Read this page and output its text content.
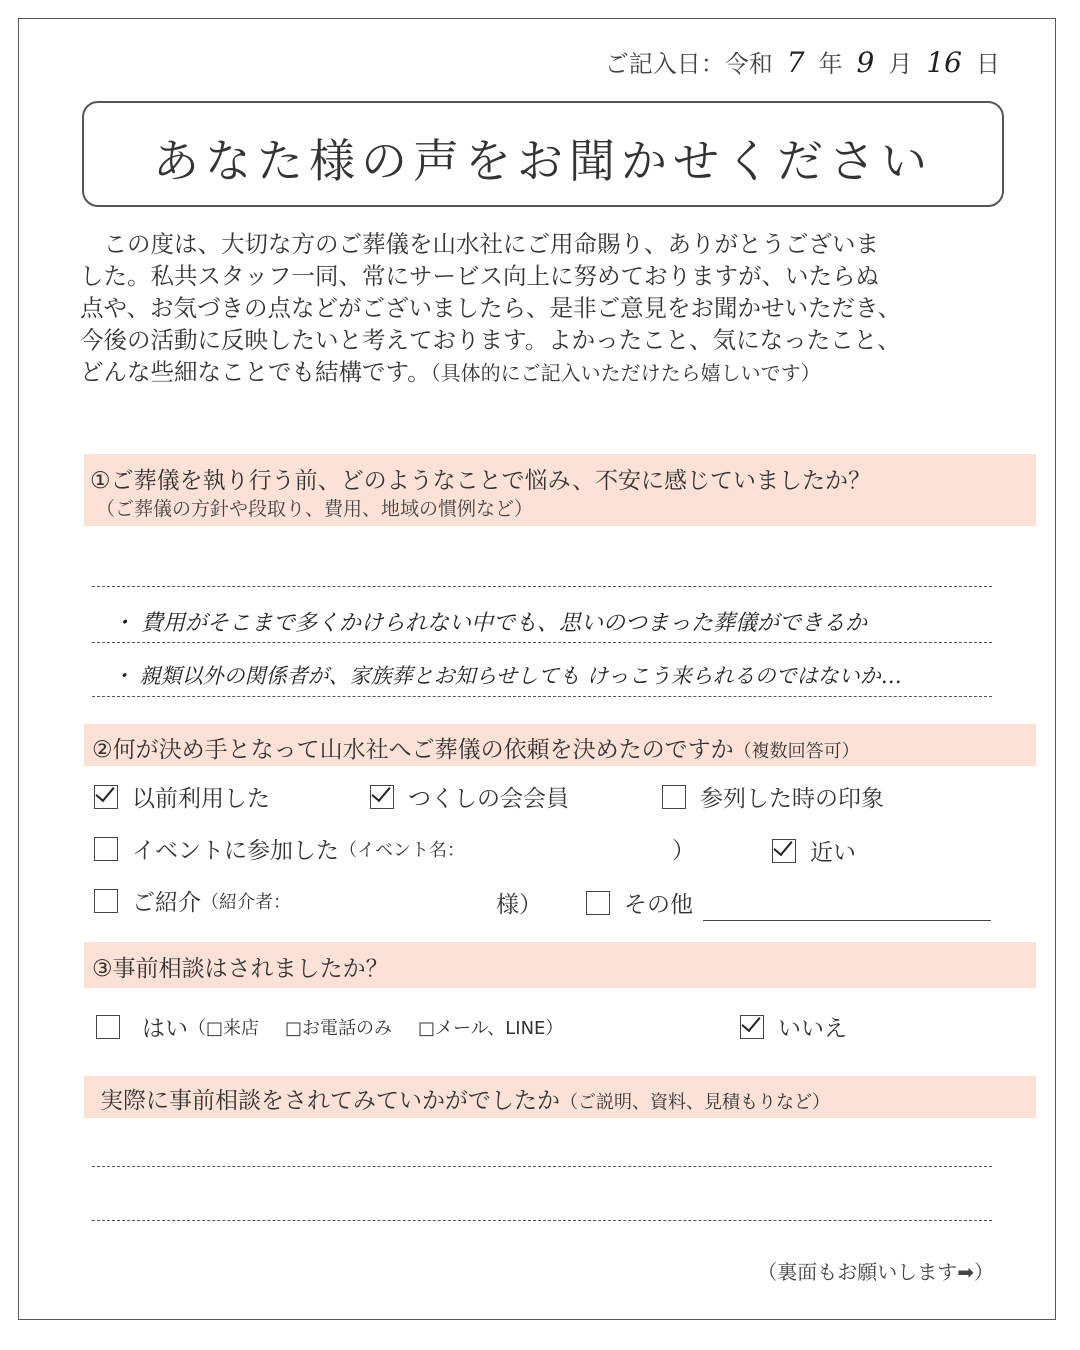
ご記入日：令和 7 年 9 月 16 日
あなた様の声をお聞かせください

　この度は、大切な方のご葬儀を山水社にご用命賜り、ありがとうございま

した。私共スタッフ一同、常にサービス向上に努めておりますが、いたらぬ

点や、お気づきの点などがございましたら、是非ご意見をお聞かせいただき、

今後の活動に反映したいと考えております。よかったこと、気になったこと、

どんな些細なことでも結構です。（具体的にご記入いただけたら嬉しいです）

①ご葬儀を執り行う前、どのようなことで悩み、不安に感じていましたか？
（ご葬儀の方針や段取り、費用、地域の慣例など）
・ 費用がそこまで多くかけられない中でも、思いのつまった葬儀ができるか
・ 親類以外の関係者が、家族葬とお知らせしても けっこう来られるのではないか…
②何が決め手となって山水社へご葬儀の依頼を決めたのですか（複数回答可）
以前利用した	つくしの会会員	参列した時の印象
イベントに参加した （イベント名：	）	近い
ご紹介 （紹介者：	様）	その他
③事前相談はされましたか？
はい （ □来店 □お電話のみ □メール、LINE ）	いいえ
実際に事前相談をされてみていかがでしたか（ご説明、資料、見積もりなど）
（裏面もお願いします➡）
